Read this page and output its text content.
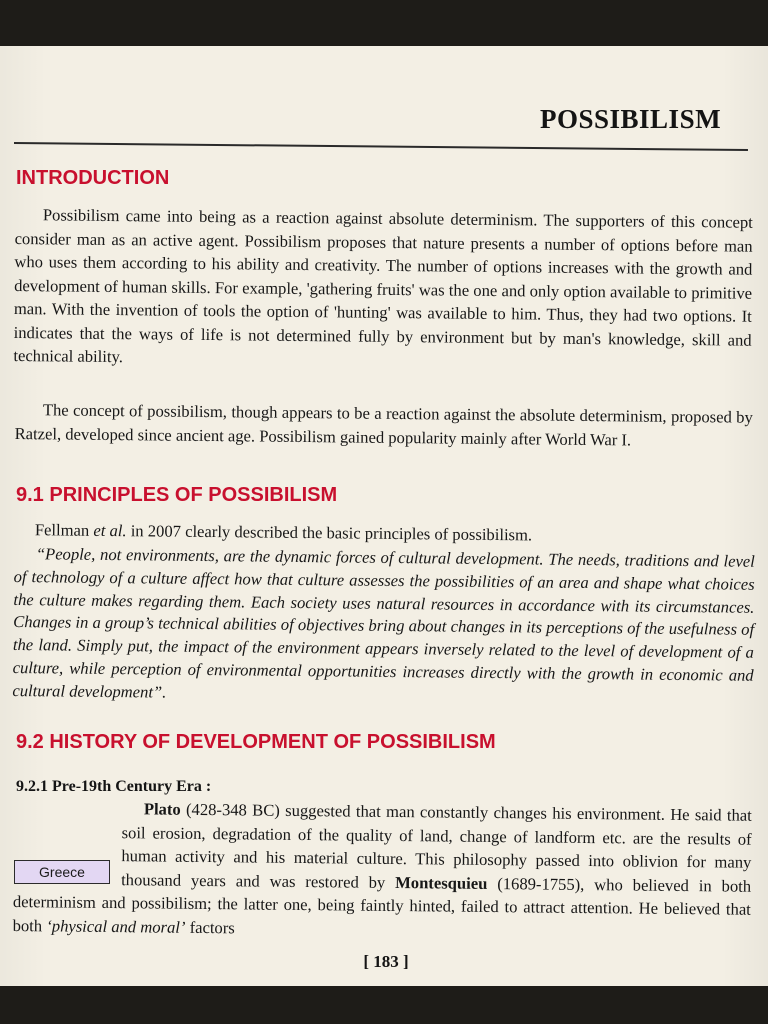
POSSIBILISM
INTRODUCTION

Possibilism came into being as a reaction against absolute determinism. The supporters of this concept consider man as an active agent. Possibilism proposes that nature presents a number of options before man who uses them according to his ability and creativity. The number of options increases with the growth and development of human skills. For example, 'gathering fruits' was the one and only option available to primitive man. With the invention of tools the option of 'hunting' was available to him. Thus, they had two options. It indicates that the ways of life is not determined fully by environment but by man's knowledge, skill and technical ability.

The concept of possibilism, though appears to be a reaction against the absolute determinism, proposed by Ratzel, developed since ancient age. Possibilism gained popularity mainly after World War I.

9.1 PRINCIPLES OF POSSIBILISM

Fellman et al. in 2007 clearly described the basic principles of possibilism.

“People, not environments, are the dynamic forces of cultural development. The needs, traditions and level of technology of a culture affect how that culture assesses the possibilities of an area and shape what choices the culture makes regarding them. Each society uses natural resources in accordance with its circumstances. Changes in a group’s technical abilities of objectives bring about changes in its perceptions of the usefulness of the land. Simply put, the impact of the environment appears inversely related to the level of development of a culture, while perception of environmental opportunities increases directly with the growth in economic and cultural development”.

9.2 HISTORY OF DEVELOPMENT OF POSSIBILISM
9.2.1 Pre-19th Century Era :
Greece

Plato (428-348 BC) suggested that man constantly changes his environment. He said that soil erosion, degradation of the quality of land, change of landform etc. are the results of human activity and his material culture. This philosophy passed into oblivion for many thousand years and was restored by Montesquieu (1689-1755), who believed in both determinism and possibilism; the latter one, being faintly hinted, failed to attract attention. He believed that both ‘physical and moral’ factors

[ 183 ]
